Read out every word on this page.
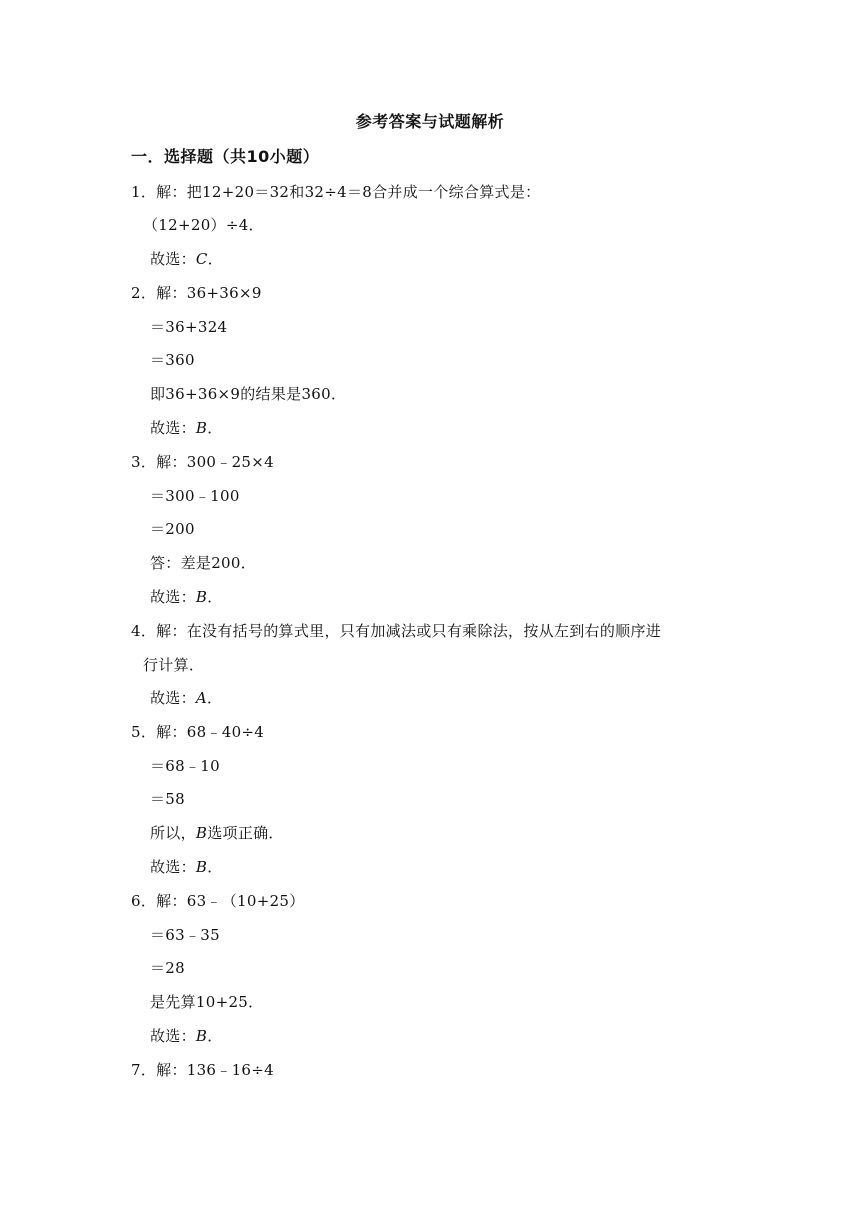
参考答案与试题解析
一．选择题（共10小题）
1．解：把12+20＝32和32÷4＝8合并成一个综合算式是：
（12+20）÷4．
故选：C．
2．解：36+36×9
＝36+324
＝360
即36+36×9的结果是360．
故选：B．
3．解：300﹣25×4
＝300﹣100
＝200
答：差是200．
故选：B．
4．解：在没有括号的算式里，只有加减法或只有乘除法，按从左到右的顺序进
行计算．
故选：A．
5．解：68﹣40÷4
＝68﹣10
＝58
所以，B选项正确．
故选：B．
6．解：63﹣（10+25）
＝63﹣35
＝28
是先算10+25．
故选：B．
7．解：136﹣16÷4
